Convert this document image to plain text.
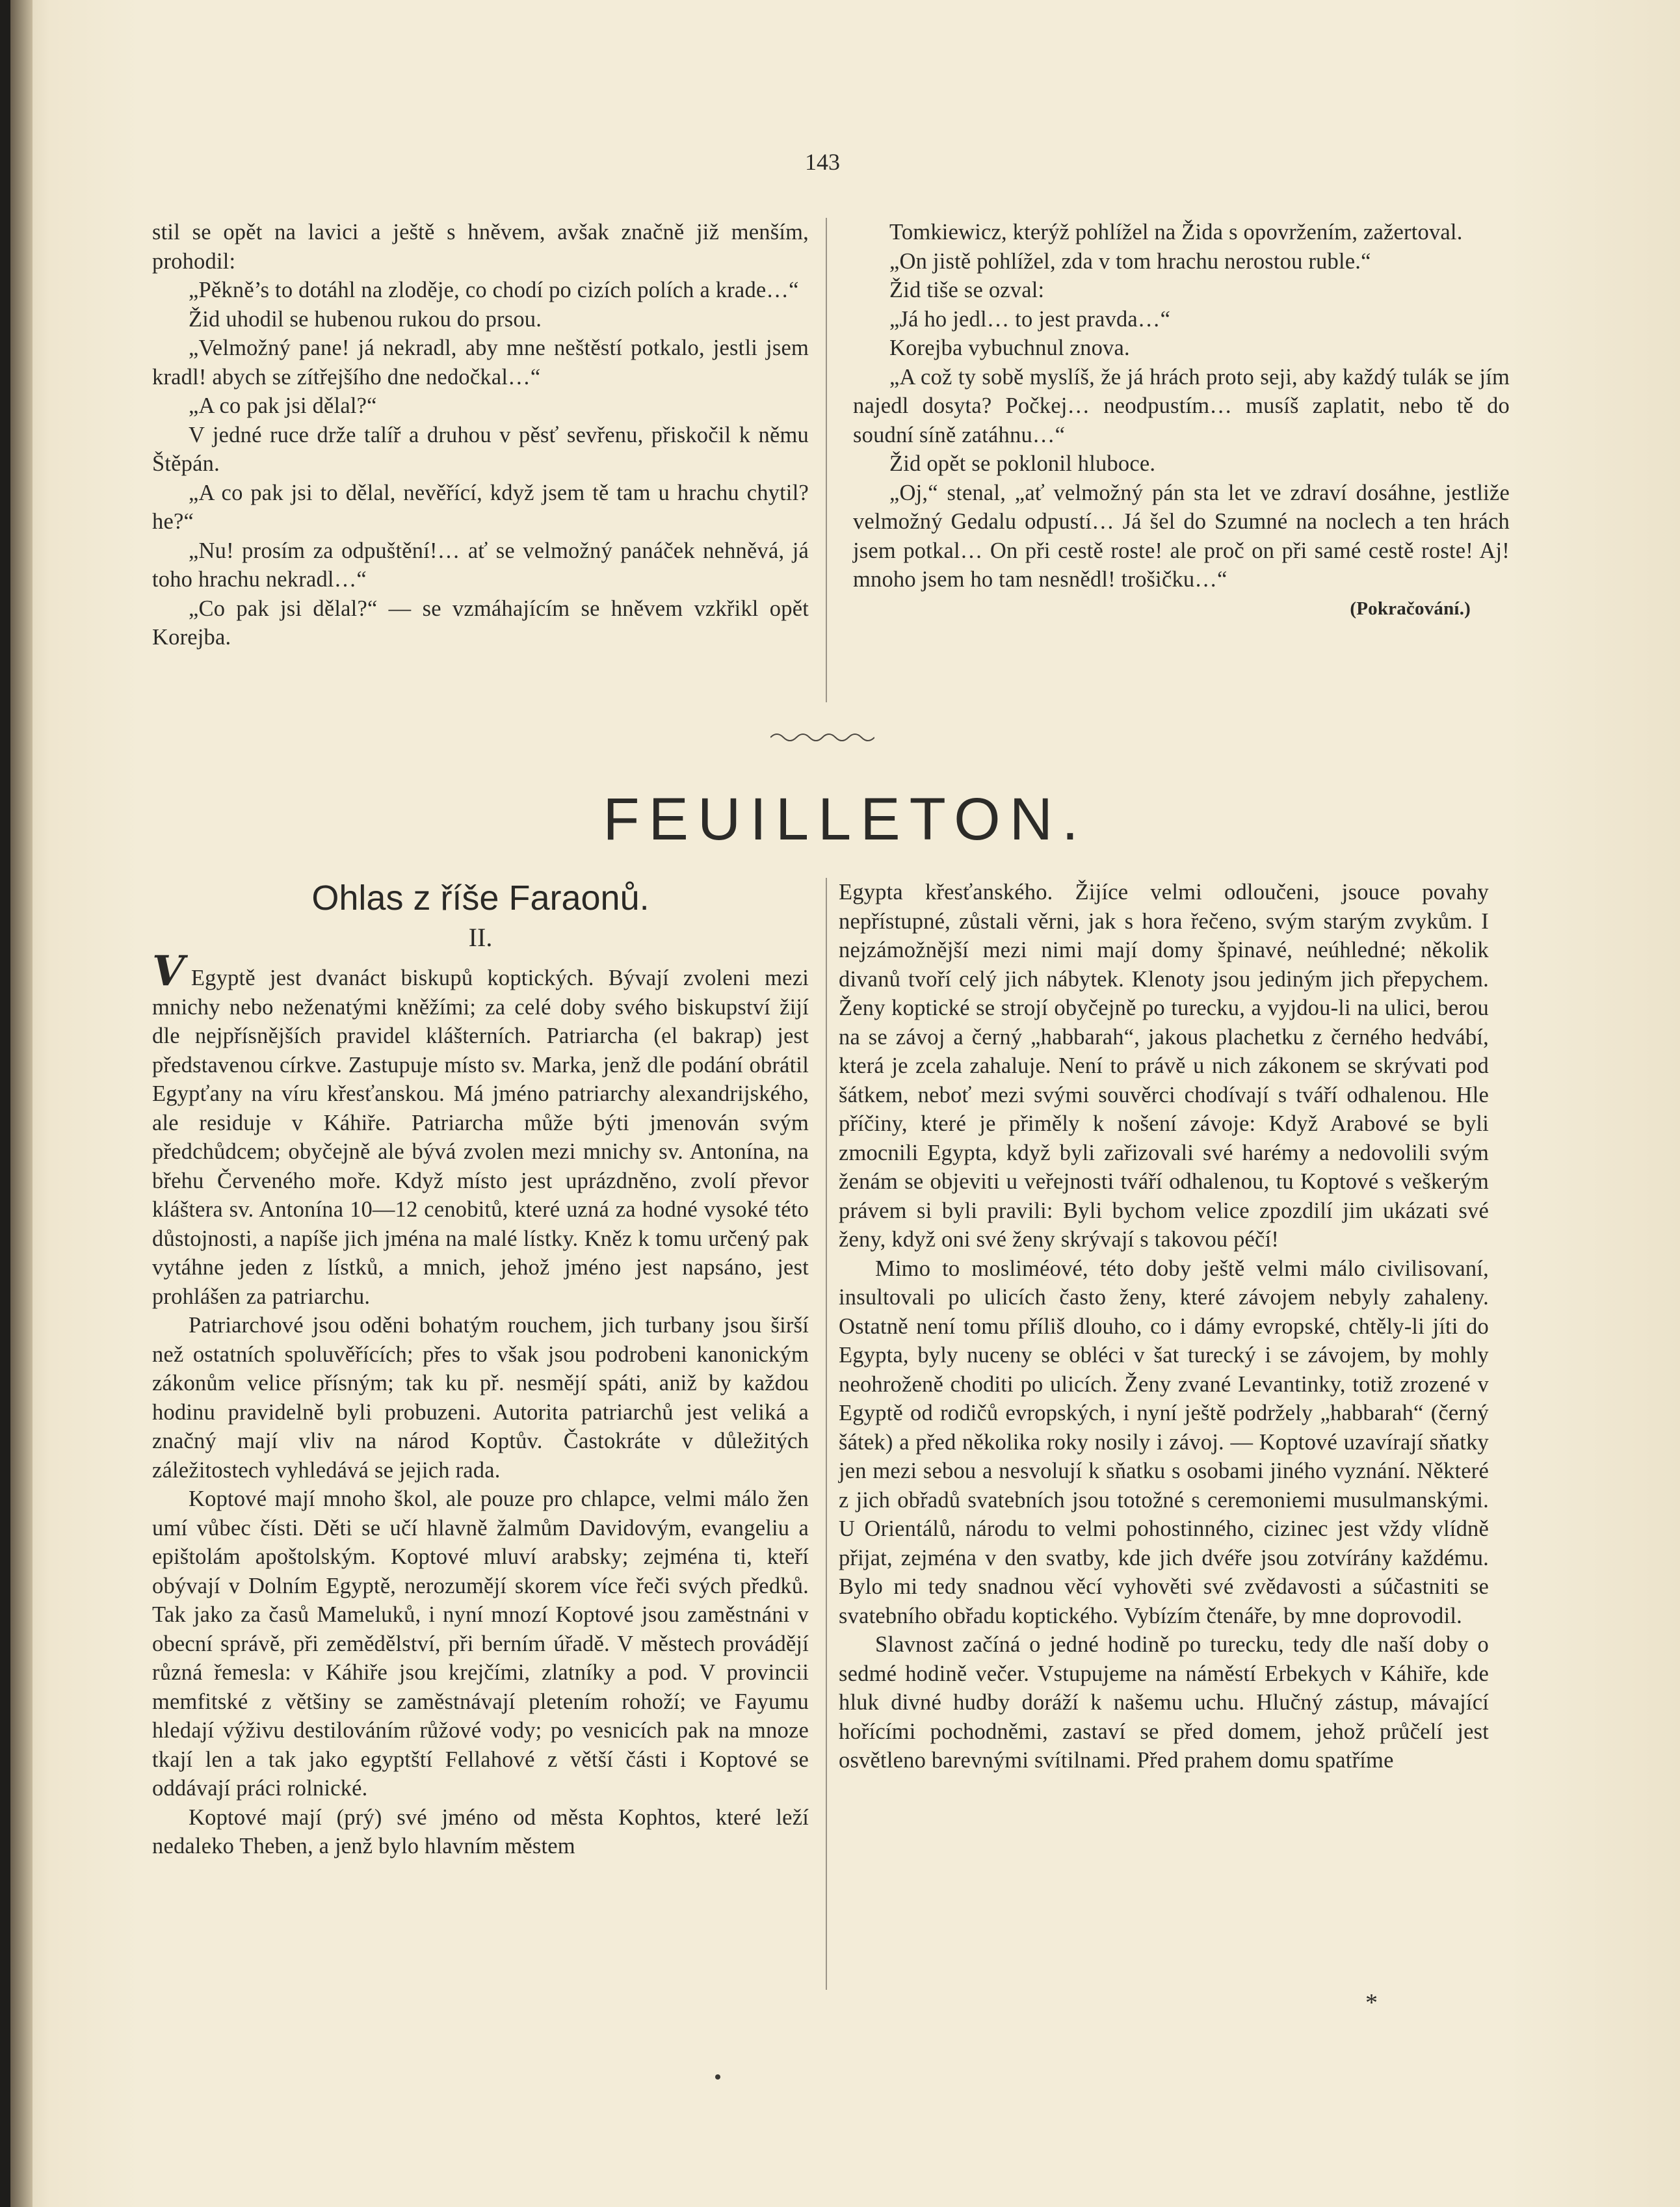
143

stil se opět na lavici a ještě s hněvem, avšak značně již menším, prohodil:

„Pěkně’s to dotáhl na zloděje, co chodí po cizích polích a krade…“

Žid uhodil se hubenou rukou do prsou.

„Velmožný pane! já nekradl, aby mne neštěstí potkalo, jestli jsem kradl! abych se zítřejšího dne nedočkal…“

„A co pak jsi dělal?“

V jedné ruce drže talíř a druhou v pěsť sevřenu, přiskočil k němu Štěpán.

„A co pak jsi to dělal, nevěřící, když jsem tě tam u hrachu chytil? he?“

„Nu! prosím za odpuštění!… ať se velmožný panáček nehněvá, já toho hrachu nekradl…“

„Co pak jsi dělal?“ — se vzmáhajícím se hněvem vzkřikl opět Korejba.

Tomkiewicz, kterýž pohlížel na Žida s opovržením, zažertoval.

„On jistě pohlížel, zda v tom hrachu nerostou ruble.“

Žid tiše se ozval:

„Já ho jedl… to jest pravda…“

Korejba vybuchnul znova.

„A což ty sobě myslíš, že já hrách proto seji, aby každý tulák se jím najedl dosyta? Počkej… neodpustím… musíš zaplatit, nebo tě do soudní síně zatáhnu…“

Žid opět se poklonil hluboce.

„Oj,“ stenal, „ať velmožný pán sta let ve zdraví dosáhne, jestliže velmožný Gedalu odpustí… Já šel do Szumné na noclech a ten hrách jsem potkal… On při cestě roste! ale proč on při samé cestě roste! Aj! mnoho jsem ho tam nesnědl! trošičku…“

(Pokračování.)

FEUILLETON.
Ohlas z říše Faraonů.
II.

V Egyptě jest dvanáct biskupů koptických. Bývají zvoleni mezi mnichy nebo neženatými kněžími; za celé doby svého biskupství žijí dle nejpřísnějších pravidel klášterních. Patriarcha (el bakrap) jest představenou církve. Zastupuje místo sv. Marka, jenž dle podání obrátil Egypťany na víru křesťanskou. Má jméno patriarchy alexandrijského, ale residuje v Káhiře. Patriarcha může býti jmenován svým předchůdcem; obyčejně ale bývá zvolen mezi mnichy sv. Antonína, na břehu Červeného moře. Když místo jest uprázdněno, zvolí převor kláštera sv. Antonína 10—12 cenobitů, které uzná za hodné vysoké této důstojnosti, a napíše jich jména na malé lístky. Kněz k tomu určený pak vytáhne jeden z lístků, a mnich, jehož jméno jest napsáno, jest prohlášen za patriarchu.

Patriarchové jsou oděni bohatým rouchem, jich turbany jsou širší než ostatních spoluvěřících; přes to však jsou podrobeni kanonickým zákonům velice přísným; tak ku př. nesmějí spáti, aniž by každou hodinu pravidelně byli probuzeni. Autorita patriarchů jest veliká a značný mají vliv na národ Koptův. Častokráte v důležitých záležitostech vyhledává se jejich rada.

Koptové mají mnoho škol, ale pouze pro chlapce, velmi málo žen umí vůbec čísti. Děti se učí hlavně žalmům Davidovým, evangeliu a epištolám apoštolským. Koptové mluví arabsky; zejména ti, kteří obývají v Dolním Egyptě, nerozumějí skorem více řeči svých předků. Tak jako za časů Mameluků, i nyní mnozí Koptové jsou zaměstnáni v obecní správě, při zemědělství, při berním úřadě. V městech provádějí různá řemesla: v Káhiře jsou krejčími, zlatníky a pod. V provincii memfitské z většiny se zaměstnávají pletením rohoží; ve Fayumu hledají výživu destilováním růžové vody; po vesnicích pak na mnoze tkají len a tak jako egyptští Fellahové z větší části i Koptové se oddávají práci rolnické.

Koptové mají (prý) své jméno od města Kophtos, které leží nedaleko Theben, a jenž bylo hlavním městem

Egypta křesťanského. Žijíce velmi odloučeni, jsouce povahy nepřístupné, zůstali věrni, jak s hora řečeno, svým starým zvykům. I nejzámožnější mezi nimi mají domy špinavé, neúhledné; několik divanů tvoří celý jich nábytek. Klenoty jsou jediným jich přepychem. Ženy koptické se strojí obyčejně po turecku, a vyjdou-li na ulici, berou na se závoj a černý „habbarah“, jakous plachetku z černého hedvábí, která je zcela zahaluje. Není to právě u nich zákonem se skrývati pod šátkem, neboť mezi svými souvěrci chodívají s tváří odhalenou. Hle příčiny, které je přiměly k nošení závoje: Když Arabové se byli zmocnili Egypta, když byli zařizovali své harémy a nedovolili svým ženám se objeviti u veřejnosti tváří odhalenou, tu Koptové s veškerým právem si byli pravili: Byli bychom velice zpozdilí jim ukázati své ženy, když oni své ženy skrývají s takovou péčí!

Mimo to mosliméové, této doby ještě velmi málo civilisovaní, insultovali po ulicích často ženy, které závojem nebyly zahaleny. Ostatně není tomu příliš dlouho, co i dámy evropské, chtěly-li jíti do Egypta, byly nuceny se obléci v šat turecký i se závojem, by mohly neohroženě choditi po ulicích. Ženy zvané Levantinky, totiž zrozené v Egyptě od rodičů evropských, i nyní ještě podržely „habbarah“ (černý šátek) a před několika roky nosily i závoj. — Koptové uzavírají sňatky jen mezi sebou a nesvolují k sňatku s osobami jiného vyznání. Některé z jich obřadů svatebních jsou totožné s ceremoniemi musulmanskými. U Orientálů, národu to velmi pohostinného, cizinec jest vždy vlídně přijat, zejména v den svatby, kde jich dvéře jsou zotvírány každému. Bylo mi tedy snadnou věcí vyhověti své zvědavosti a súčastniti se svatebního obřadu koptického. Vybízím čtenáře, by mne doprovodil.

Slavnost začíná o jedné hodině po turecku, tedy dle naší doby o sedmé hodině večer. Vstupujeme na náměstí Erbekych v Káhiře, kde hluk divné hudby doráží k našemu uchu. Hlučný zástup, mávající hořícími pochodněmi, zastaví se před domem, jehož průčelí jest osvětleno barevnými svítilnami. Před prahem domu spatříme

*
